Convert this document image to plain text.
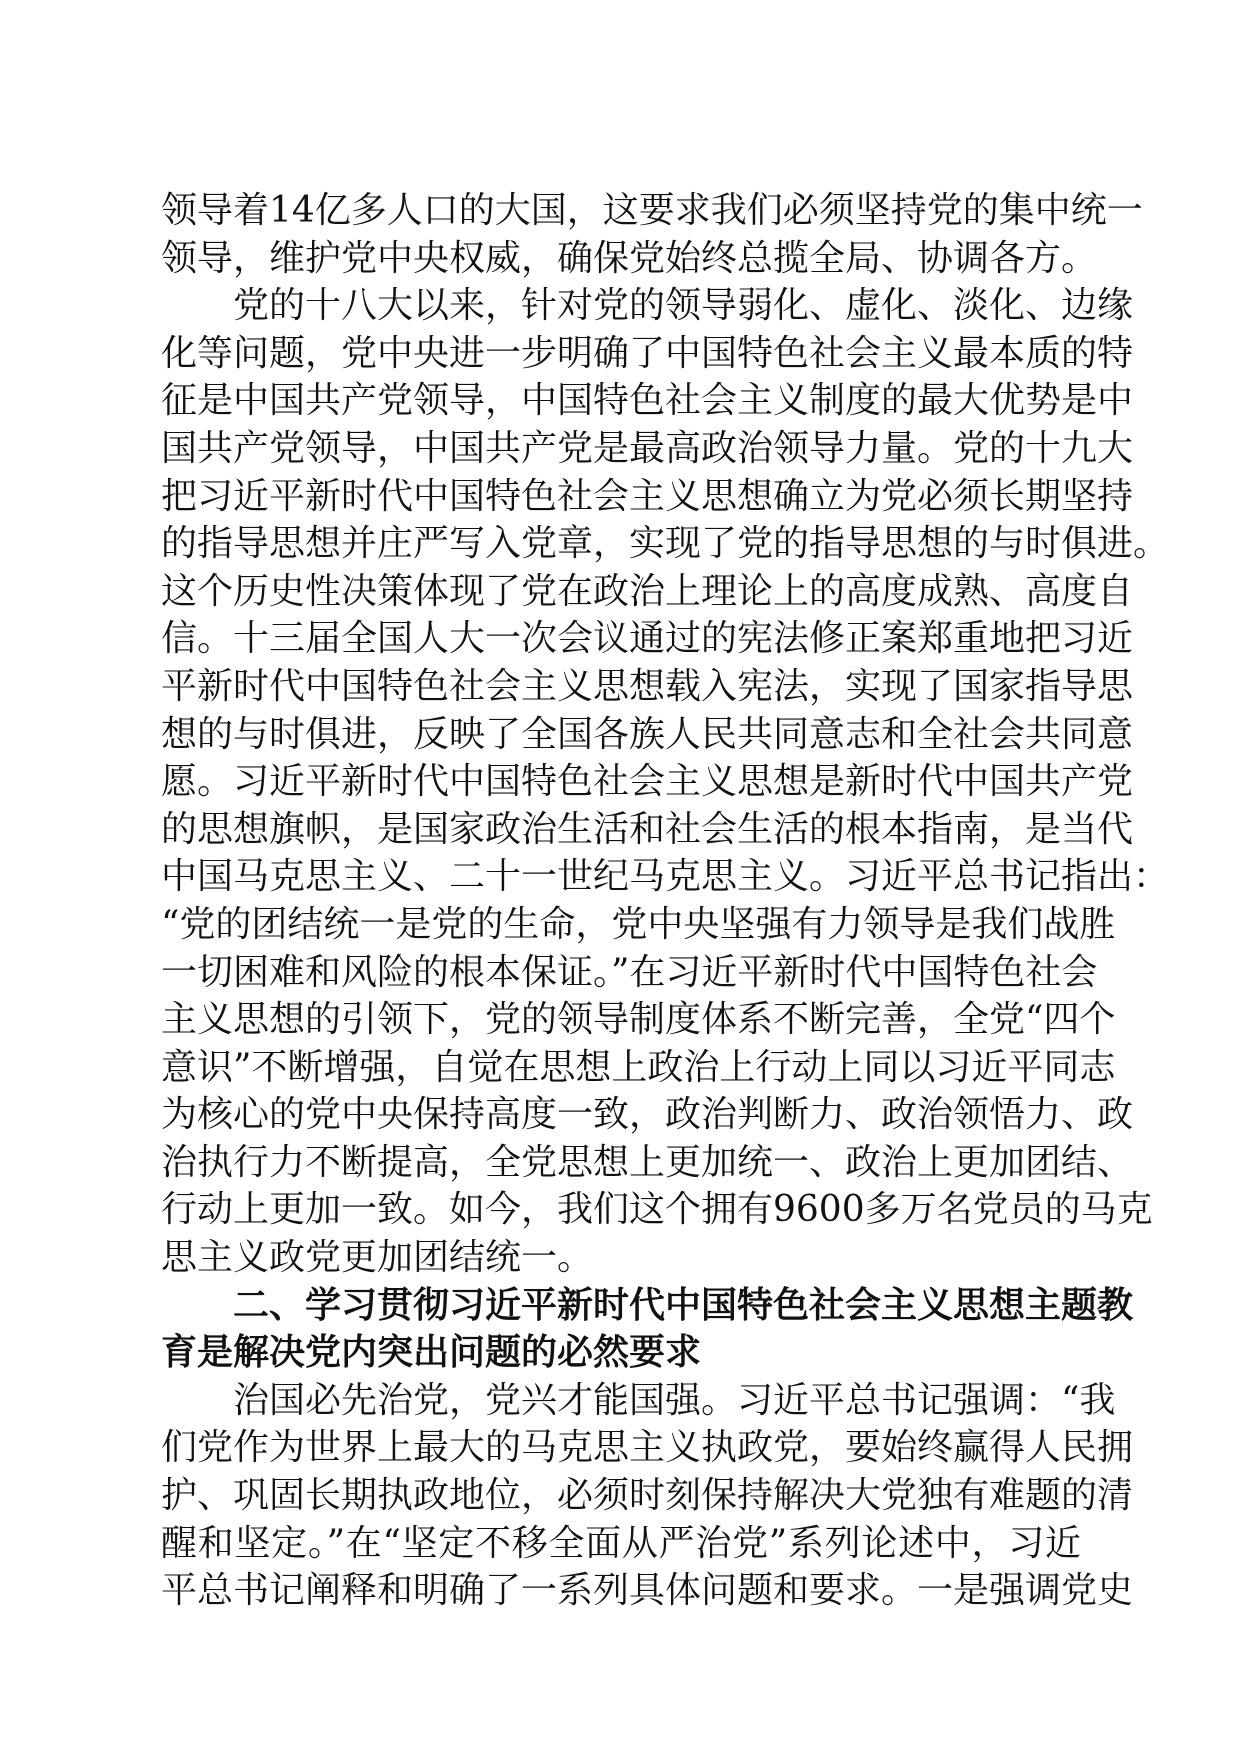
领导着14亿多人口的大国，这要求我们必须坚持党的集中统一
领导，维护党中央权威，确保党始终总揽全局、协调各方。
党的十八大以来，针对党的领导弱化、虚化、淡化、边缘
化等问题，党中央进一步明确了中国特色社会主义最本质的特
征是中国共产党领导，中国特色社会主义制度的最大优势是中
国共产党领导，中国共产党是最高政治领导力量。党的十九大
把习近平新时代中国特色社会主义思想确立为党必须长期坚持
的指导思想并庄严写入党章，实现了党的指导思想的与时俱进。
这个历史性决策体现了党在政治上理论上的高度成熟、高度自
信。十三届全国人大一次会议通过的宪法修正案郑重地把习近
平新时代中国特色社会主义思想载入宪法，实现了国家指导思
想的与时俱进，反映了全国各族人民共同意志和全社会共同意
愿。习近平新时代中国特色社会主义思想是新时代中国共产党
的思想旗帜，是国家政治生活和社会生活的根本指南，是当代
中国马克思主义、二十一世纪马克思主义。习近平总书记指出：
“党的团结统一是党的生命，党中央坚强有力领导是我们战胜
一切困难和风险的根本保证。”在习近平新时代中国特色社会
主义思想的引领下，党的领导制度体系不断完善，全党“四个
意识”不断增强，自觉在思想上政治上行动上同以习近平同志
为核心的党中央保持高度一致，政治判断力、政治领悟力、政
治执行力不断提高，全党思想上更加统一、政治上更加团结、
行动上更加一致。如今，我们这个拥有9600多万名党员的马克
思主义政党更加团结统一。
二、学习贯彻习近平新时代中国特色社会主义思想主题教
育是解决党内突出问题的必然要求
治国必先治党，党兴才能国强。习近平总书记强调：“我
们党作为世界上最大的马克思主义执政党，要始终赢得人民拥
护、巩固长期执政地位，必须时刻保持解决大党独有难题的清
醒和坚定。”在“坚定不移全面从严治党”系列论述中，习近
平总书记阐释和明确了一系列具体问题和要求。一是强调党史
